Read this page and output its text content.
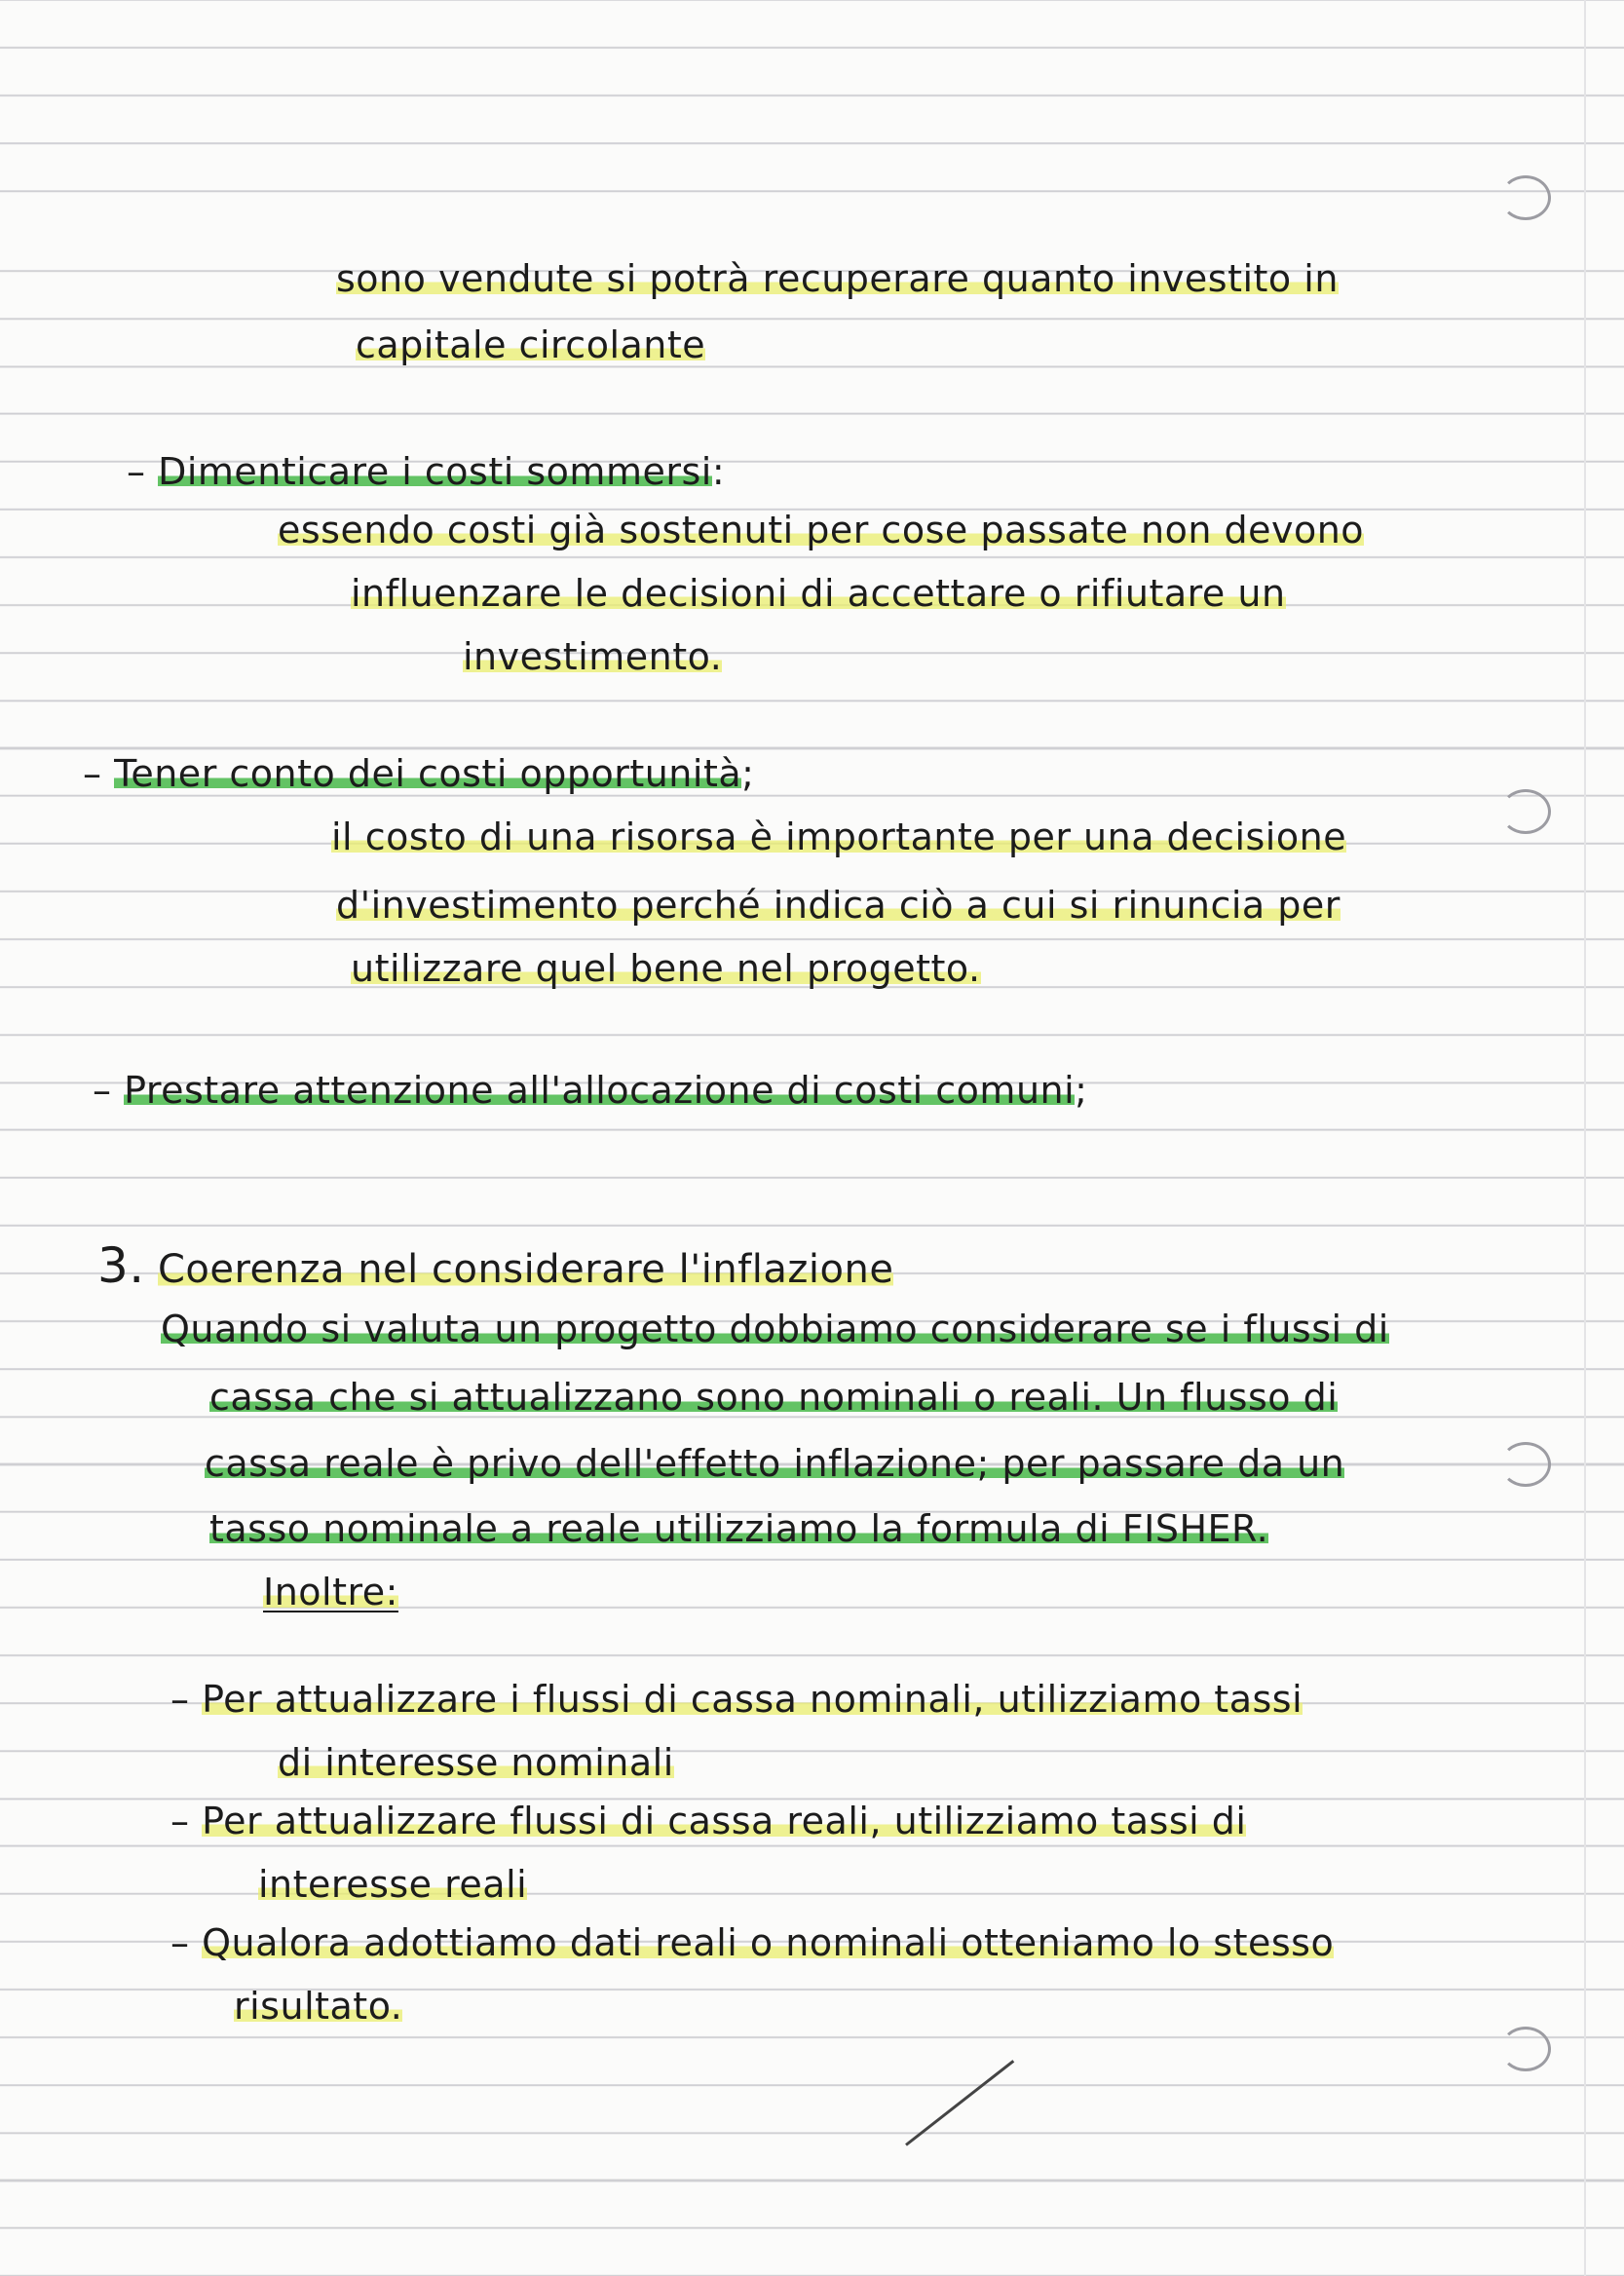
sono vendute si potrà recuperare quanto investito in
capitale circolante
– Dimenticare i costi sommersi:
essendo costi già sostenuti per cose passate non devono
influenzare le decisioni di accettare o rifiutare un
investimento.
– Tener conto dei costi opportunità;
il costo di una risorsa è importante per una decisione
d'investimento perché indica ciò a cui si rinuncia per
utilizzare quel bene nel progetto.
– Prestare attenzione all'allocazione di costi comuni;
3. Coerenza nel considerare l'inflazione
Quando si valuta un progetto dobbiamo considerare se i flussi di
cassa che si attualizzano sono nominali o reali. Un flusso di
cassa reale è privo dell'effetto inflazione; per passare da un
tasso nominale a reale utilizziamo la formula di FISHER.
Inoltre:
– Per attualizzare i flussi di cassa nominali, utilizziamo tassi
di interesse nominali
– Per attualizzare flussi di cassa reali, utilizziamo tassi di
interesse reali
– Qualora adottiamo dati reali o nominali otteniamo lo stesso
risultato.
